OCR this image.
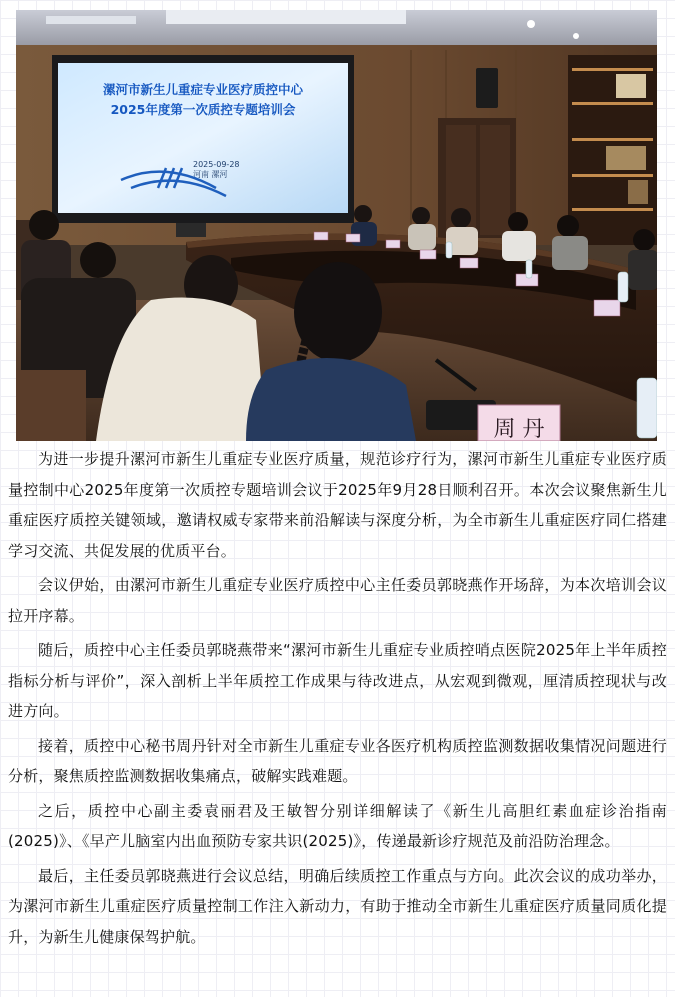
漯河市新生儿重症专业医疗质控中心
2025年度第一次质控专题培训会
2025-09-28
河南 漯河
周 丹

为进一步提升漯河市新生儿重症专业医疗质量，规范诊疗行为，漯河市新生儿重症专业医疗质量控制中心2025年度第一次质控专题培训会议于2025年9月28日顺利召开。本次会议聚焦新生儿重症医疗质控关键领域，邀请权威专家带来前沿解读与深度分析，为全市新生儿重症医疗同仁搭建学习交流、共促发展的优质平台。

会议伊始，由漯河市新生儿重症专业医疗质控中心主任委员郭晓燕作开场辞，为本次培训会议拉开序幕。

随后，质控中心主任委员郭晓燕带来“漯河市新生儿重症专业质控哨点医院2025年上半年质控指标分析与评价”，深入剖析上半年质控工作成果与待改进点，从宏观到微观，厘清质控现状与改进方向。

接着，质控中心秘书周丹针对全市新生儿重症专业各医疗机构质控监测数据收集情况问题进行分析，聚焦质控监测数据收集痛点，破解实践难题。

之后，质控中心副主委袁丽君及王敏智分别详细解读了《新生儿高胆红素血症诊治指南(2025)》、《早产儿脑室内出血预防专家共识(2025)》，传递最新诊疗规范及前沿防治理念。

最后，主任委员郭晓燕进行会议总结，明确后续质控工作重点与方向。此次会议的成功举办，为漯河市新生儿重症医疗质量控制工作注入新动力，有助于推动全市新生儿重症医疗质量同质化提升，为新生儿健康保驾护航。
